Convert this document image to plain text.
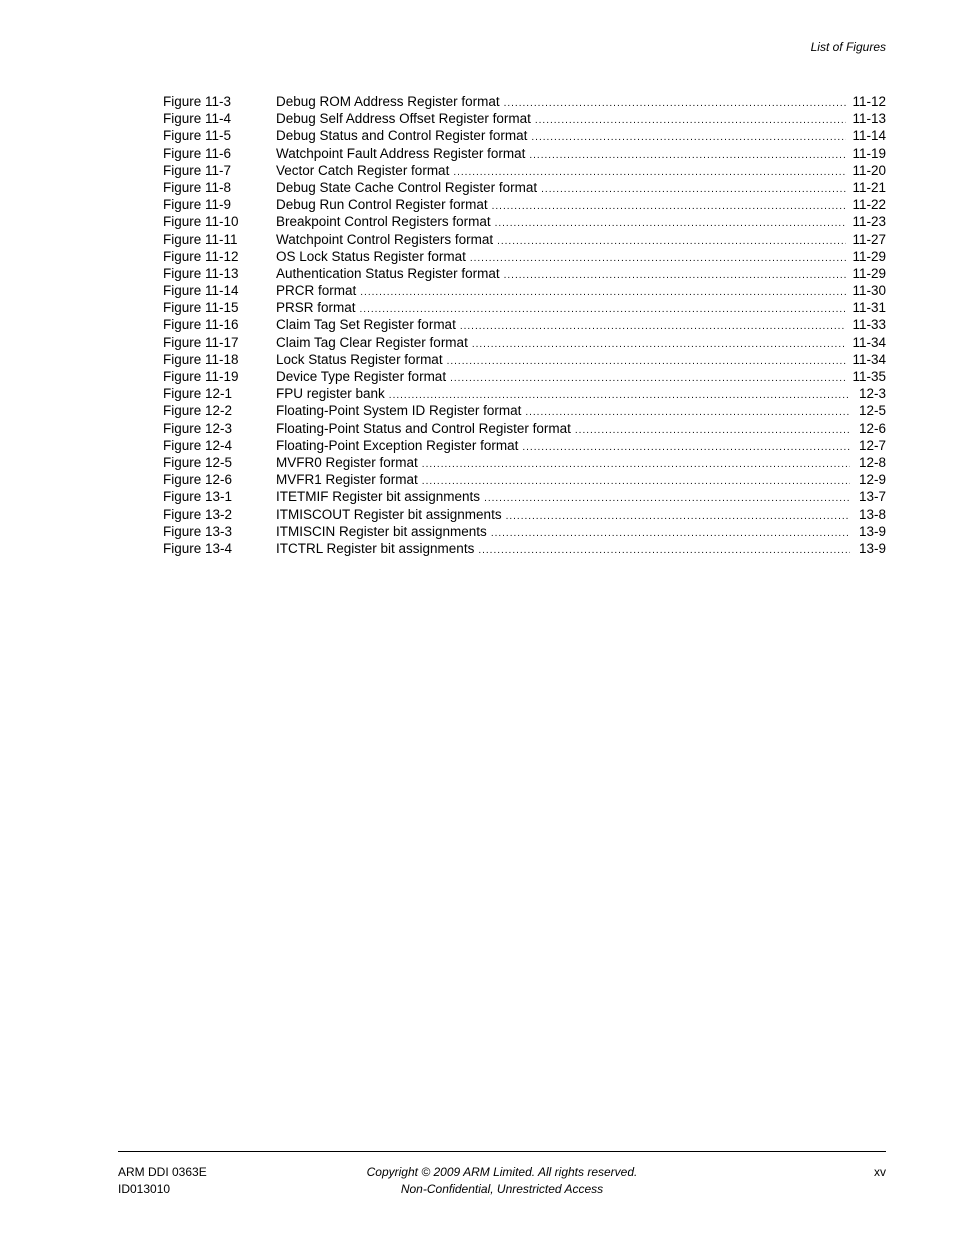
List of Figures
Figure 11-3	Debug ROM Address Register format .....	11-12
Figure 11-4	Debug Self Address Offset Register format .....	11-13
Figure 11-5	Debug Status and Control Register format .....	11-14
Figure 11-6	Watchpoint Fault Address Register format .....	11-19
Figure 11-7	Vector Catch Register format .....	11-20
Figure 11-8	Debug State Cache Control Register format .....	11-21
Figure 11-9	Debug Run Control Register format .....	11-22
Figure 11-10	Breakpoint Control Registers format .....	11-23
Figure 11-11	Watchpoint Control Registers format .....	11-27
Figure 11-12	OS Lock Status Register format .....	11-29
Figure 11-13	Authentication Status Register format .....	11-29
Figure 11-14	PRCR format .....	11-30
Figure 11-15	PRSR format .....	11-31
Figure 11-16	Claim Tag Set Register format .....	11-33
Figure 11-17	Claim Tag Clear Register format .....	11-34
Figure 11-18	Lock Status Register format .....	11-34
Figure 11-19	Device Type Register format .....	11-35
Figure 12-1	FPU register bank .....	12-3
Figure 12-2	Floating-Point System ID Register format .....	12-5
Figure 12-3	Floating-Point Status and Control Register format .....	12-6
Figure 12-4	Floating-Point Exception Register format .....	12-7
Figure 12-5	MVFR0 Register format .....	12-8
Figure 12-6	MVFR1 Register format .....	12-9
Figure 13-1	ITETMIF Register bit assignments .....	13-7
Figure 13-2	ITMISCOUT Register bit assignments .....	13-8
Figure 13-3	ITMISCIN Register bit assignments .....	13-9
Figure 13-4	ITCTRL Register bit assignments .....	13-9
ARM DDI 0363E
ID013010
Copyright © 2009 ARM Limited. All rights reserved.
Non-Confidential, Unrestricted Access
xv
